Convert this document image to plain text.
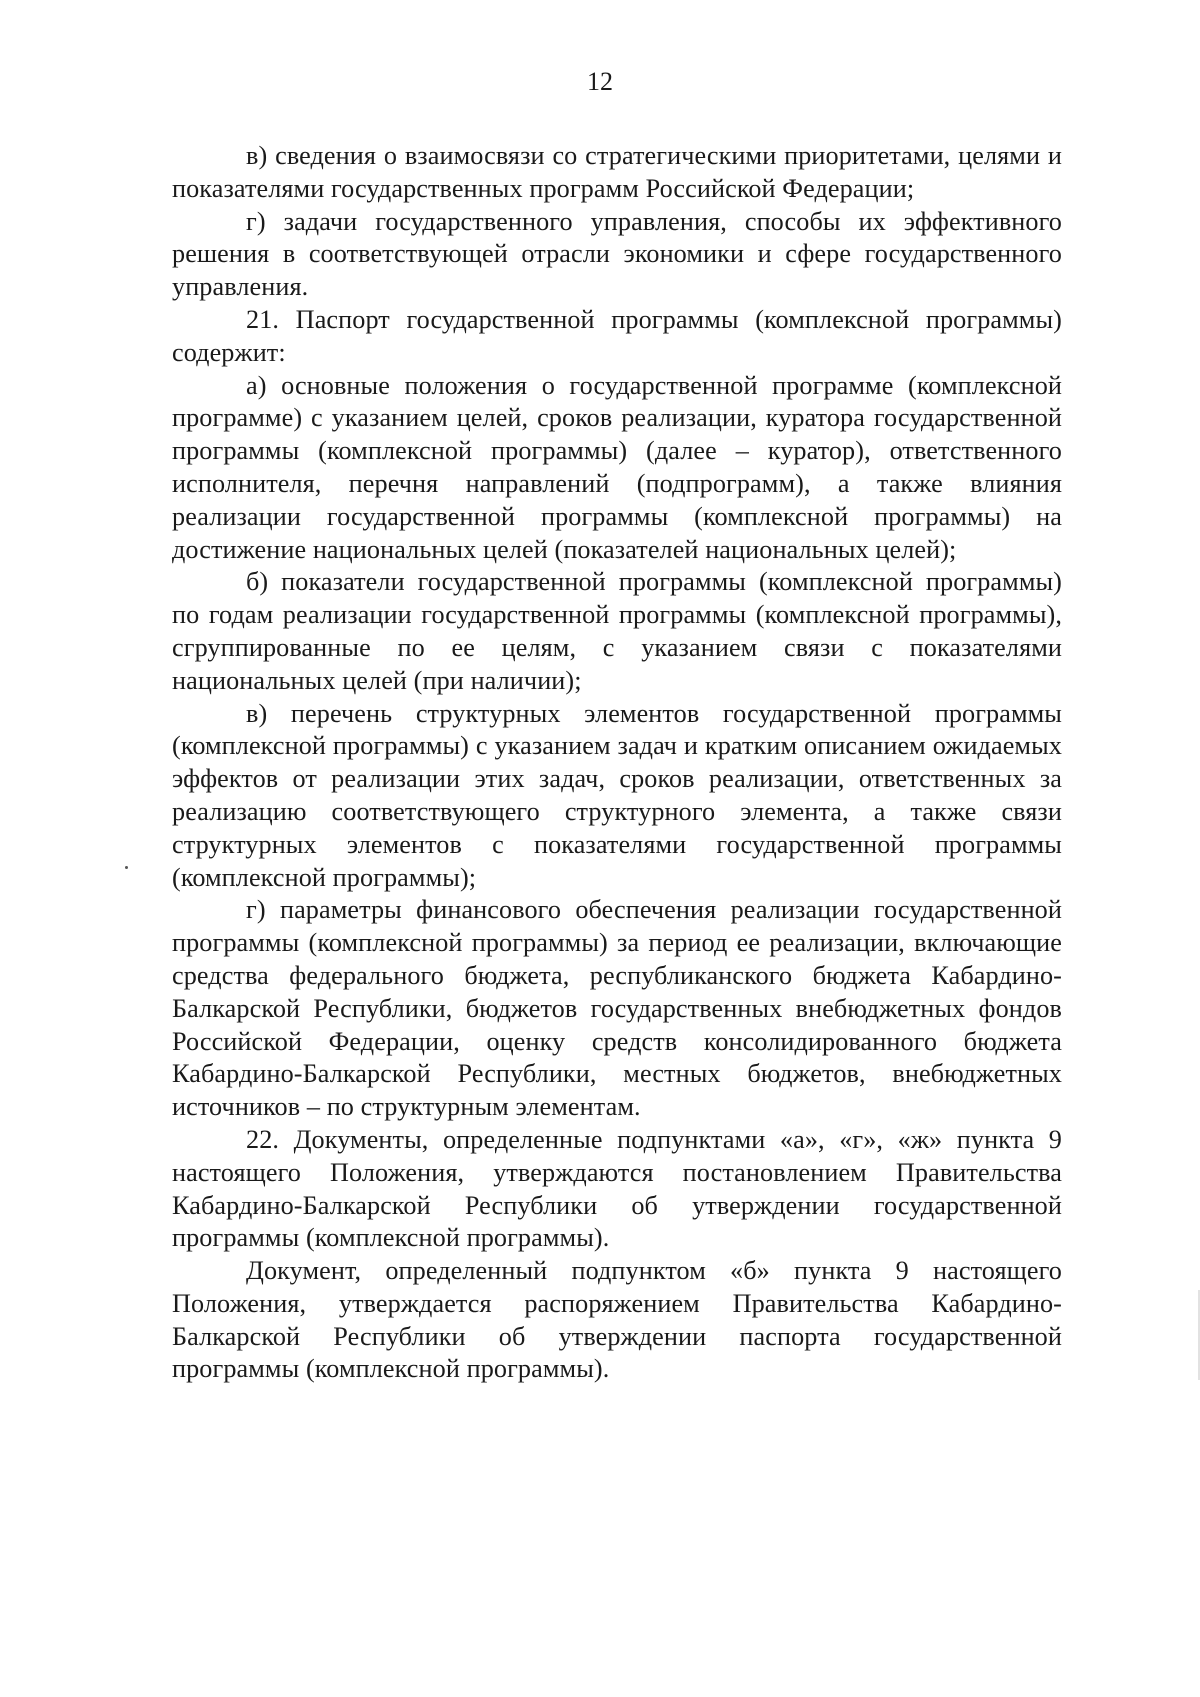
12

в) сведения о взаимосвязи со стратегическими приоритетами, целями и показателями государственных программ Российской Федерации;

г) задачи государственного управления, способы их эффективного решения в соответствующей отрасли экономики и сфере государственного управления.

21. Паспорт государственной программы (комплексной программы) содержит:

а) основные положения о государственной программе (комплексной программе) с указанием целей, сроков реализации, куратора государственной программы (комплексной программы) (далее – куратор), ответственного исполнителя, перечня направлений (подпрограмм), а также влияния реализации государственной программы (комплексной программы) на достижение национальных целей (показателей национальных целей);

б) показатели государственной программы (комплексной программы) по годам реализации государственной программы (комплексной программы), сгруппированные по ее целям, с указанием связи с показателями национальных целей (при наличии);

в) перечень структурных элементов государственной программы (комплексной программы) с указанием задач и кратким описанием ожидаемых эффектов от реализации этих задач, сроков реализации, ответственных за реализацию соответствующего структурного элемента, а также связи структурных элементов с показателями государственной программы (комплексной программы);

г) параметры финансового обеспечения реализации государственной программы (комплексной программы) за период ее реализации, включающие средства федерального бюджета, республиканского бюджета Кабардино-Балкарской Республики, бюджетов государственных внебюджетных фондов Российской Федерации, оценку средств консолидированного бюджета Кабардино-Балкарской Республики, местных бюджетов, внебюджетных источников – по структурным элементам.

22. Документы, определенные подпунктами «а», «г», «ж» пункта 9 настоящего Положения, утверждаются постановлением Правительства Кабардино-Балкарской Республики об утверждении государственной программы (комплексной программы).

Документ, определенный подпунктом «б» пункта 9 настоящего Положения, утверждается распоряжением Правительства Кабардино-Балкарской Республики об утверждении паспорта государственной программы (комплексной программы).
